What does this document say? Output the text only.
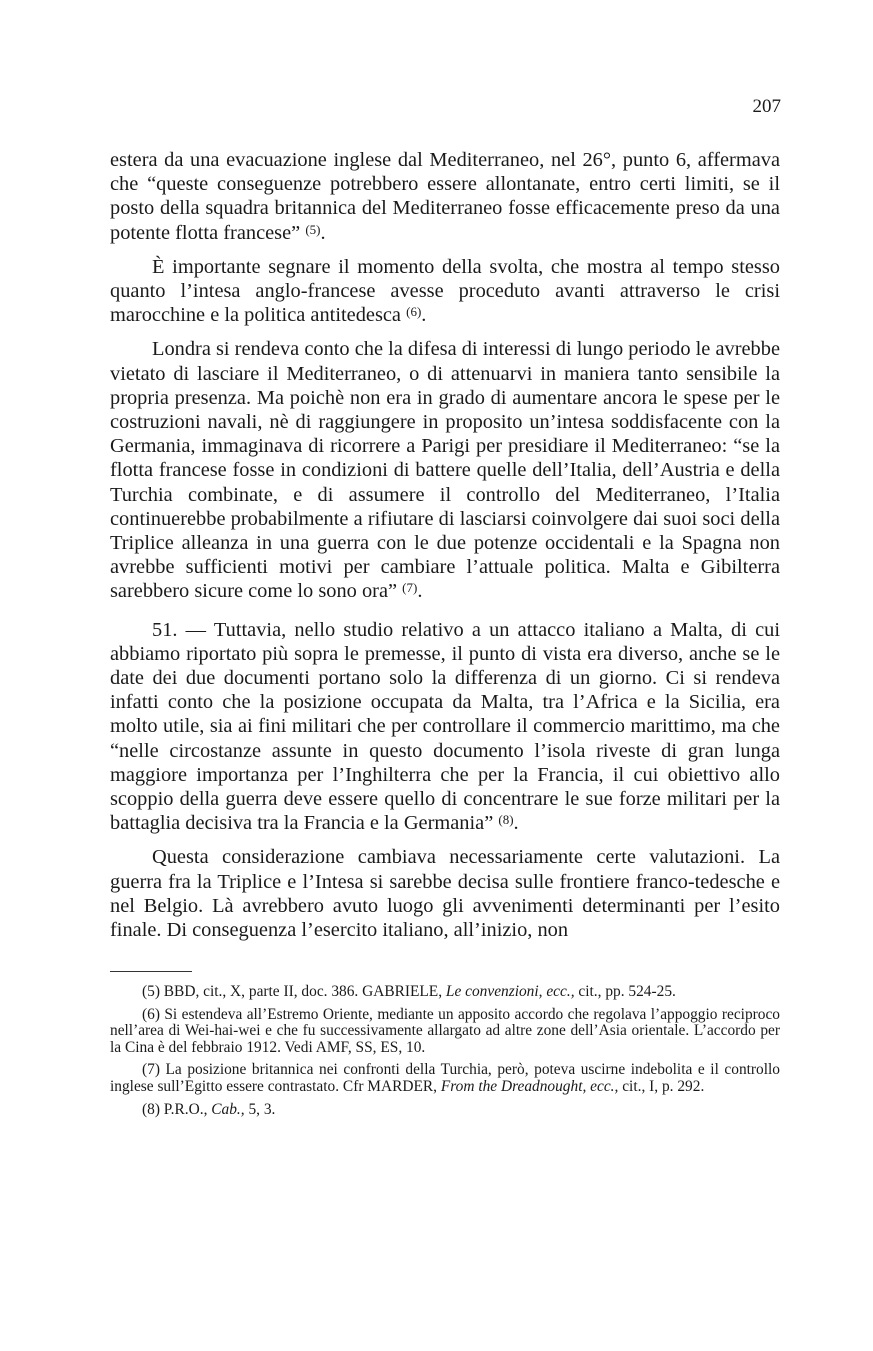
207

estera da una evacuazione inglese dal Mediterraneo, nel 26°, punto 6, affermava che “queste conseguenze potrebbero essere allontanate, entro certi limiti, se il posto della squadra britannica del Mediterraneo fosse efficacemente preso da una potente flotta francese” $^{(5)}$.

È importante segnare il momento della svolta, che mostra al tempo stesso quanto l’intesa anglo-francese avesse proceduto avanti attraverso le crisi marocchine e la politica antitedesca $^{(6)}$.

Londra si rendeva conto che la difesa di interessi di lungo periodo le avrebbe vietato di lasciare il Mediterraneo, o di attenuarvi in maniera tanto sensibile la propria presenza. Ma poichè non era in grado di aumentare ancora le spese per le costruzioni navali, nè di raggiungere in proposito un’intesa soddisfacente con la Germania, immaginava di ricorrere a Parigi per presidiare il Mediterraneo: “se la flotta francese fosse in condizioni di battere quelle dell’Italia, dell’Austria e della Turchia combinate, e di assumere il controllo del Mediterraneo, l’Italia continuerebbe probabilmente a rifiutare di lasciarsi coinvolgere dai suoi soci della Triplice alleanza in una guerra con le due potenze occidentali e la Spagna non avrebbe sufficienti motivi per cambiare l’attuale politica. Malta e Gibilterra sarebbero sicure come lo sono ora” $^{(7)}$.

51. — Tuttavia, nello studio relativo a un attacco italiano a Malta, di cui abbiamo riportato più sopra le premesse, il punto di vista era diverso, anche se le date dei due documenti portano solo la differenza di un giorno. Ci si rendeva infatti conto che la posizione occupata da Malta, tra l’Africa e la Sicilia, era molto utile, sia ai fini militari che per controllare il commercio marittimo, ma che “nelle circostanze assunte in questo documento l’isola riveste di gran lunga maggiore importanza per l’Inghilterra che per la Francia, il cui obiettivo allo scoppio della guerra deve essere quello di concentrare le sue forze militari per la battaglia decisiva tra la Francia e la Germania” $^{(8)}$.

Questa considerazione cambiava necessariamente certe valutazioni. La guerra fra la Triplice e l’Intesa si sarebbe decisa sulle frontiere franco-tedesche e nel Belgio. Là avrebbero avuto luogo gli avvenimenti determinanti per l’esito finale. Di conseguenza l’esercito italiano, all’inizio, non

(5) BBD, cit., X, parte II, doc. 386. GABRIELE, Le convenzioni, ecc., cit., pp. 524-25.

(6) Si estendeva all’Estremo Oriente, mediante un apposito accordo che regolava l’appoggio reciproco nell’area di Wei-hai-wei e che fu successivamente allargato ad altre zone dell’Asia orientale. L’accordo per la Cina è del febbraio 1912. Vedi AMF, SS, ES, 10.

(7) La posizione britannica nei confronti della Turchia, però, poteva uscirne indebolita e il controllo inglese sull’Egitto essere contrastato. Cfr MARDER, From the Dreadnought, ecc., cit., I, p. 292.

(8) P.R.O., Cab., 5, 3.
